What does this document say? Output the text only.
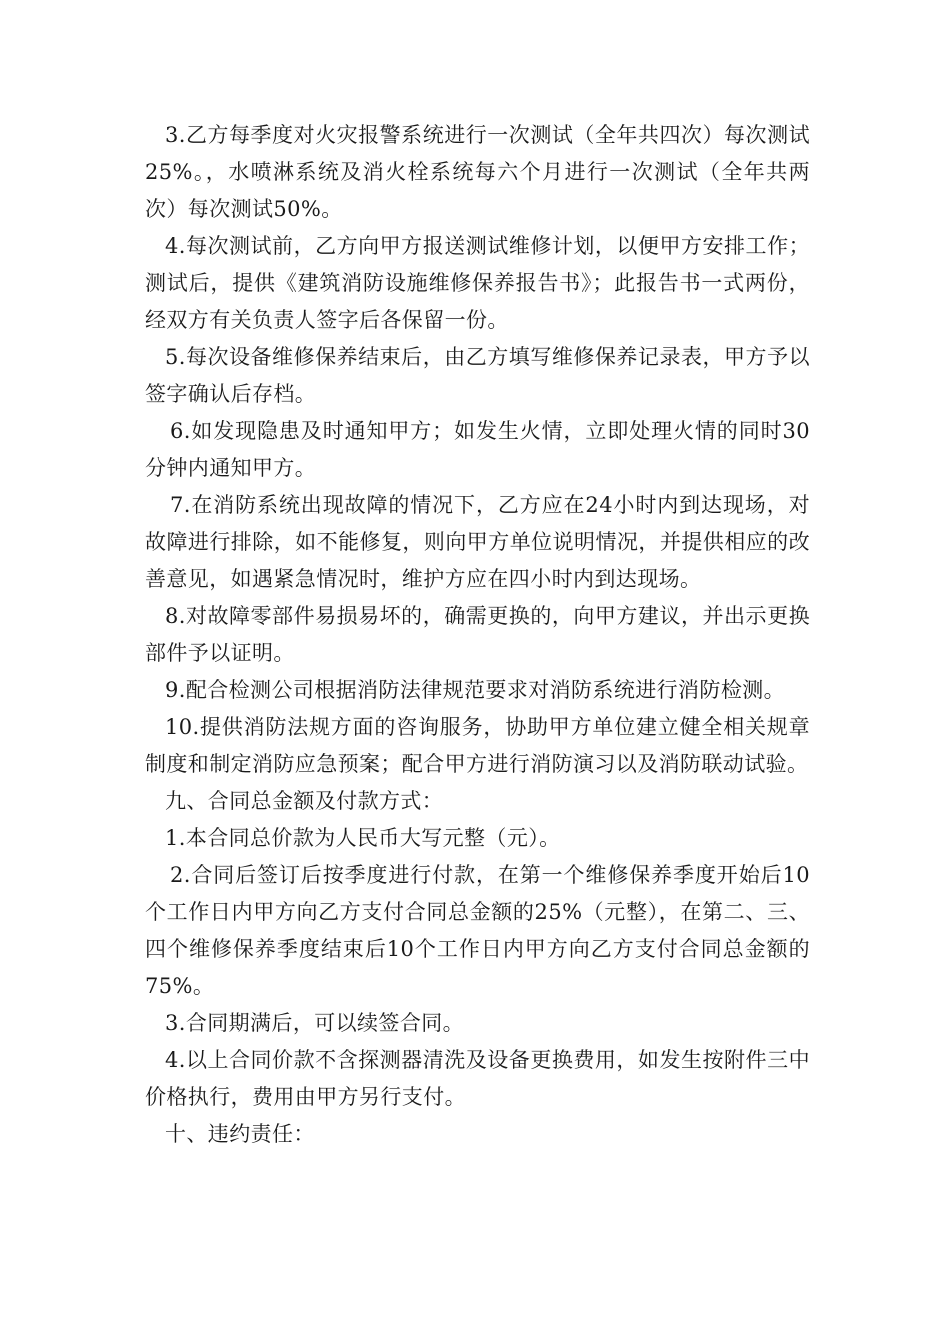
3.乙方每季度对火灾报警系统进行一次测试（全年共四次）每次测试25%。，水喷淋系统及消火栓系统每六个月进行一次测试（全年共两次）每次测试50%。

4.每次测试前，乙方向甲方报送测试维修计划，以便甲方安排工作；测试后，提供《建筑消防设施维修保养报告书》；此报告书一式两份，经双方有关负责人签字后各保留一份。

5.每次设备维修保养结束后，由乙方填写维修保养记录表，甲方予以签字确认后存档。

6.如发现隐患及时通知甲方；如发生火情，立即处理火情的同时30分钟内通知甲方。

7.在消防系统出现故障的情况下，乙方应在24小时内到达现场，对故障进行排除，如不能修复，则向甲方单位说明情况，并提供相应的改善意见，如遇紧急情况时，维护方应在四小时内到达现场。

8.对故障零部件易损易坏的，确需更换的，向甲方建议，并出示更换部件予以证明。

9.配合检测公司根据消防法律规范要求对消防系统进行消防检测。

10.提供消防法规方面的咨询服务，协助甲方单位建立健全相关规章制度和制定消防应急预案；配合甲方进行消防演习以及消防联动试验。

九、合同总金额及付款方式：

1.本合同总价款为人民币大写元整（元）。

2.合同后签订后按季度进行付款，在第一个维修保养季度开始后10个工作日内甲方向乙方支付合同总金额的25%（元整），在第二、三、四个维修保养季度结束后10个工作日内甲方向乙方支付合同总金额的75%。

3.合同期满后，可以续签合同。

4.以上合同价款不含探测器清洗及设备更换费用，如发生按附件三中价格执行，费用由甲方另行支付。

十、违约责任：
